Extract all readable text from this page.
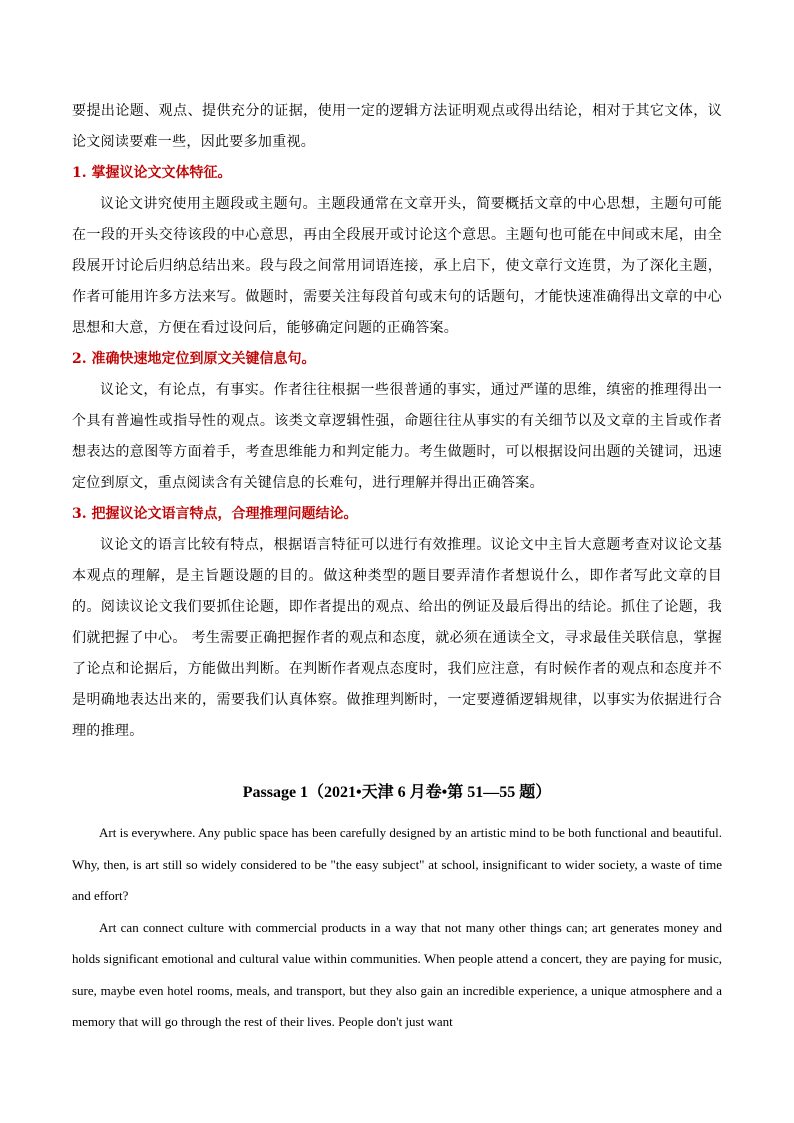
要提出论题、观点、提供充分的证据，使用一定的逻辑方法证明观点或得出结论，相对于其它文体，议论文阅读要难一些，因此要多加重视。

1. 掌握议论文文体特征。

议论文讲究使用主题段或主题句。主题段通常在文章开头，简要概括文章的中心思想，主题句可能在一段的开头交待该段的中心意思，再由全段展开或讨论这个意思。主题句也可能在中间或末尾，由全段展开讨论后归纳总结出来。段与段之间常用词语连接，承上启下，使文章行文连贯，为了深化主题，作者可能用许多方法来写。做题时，需要关注每段首句或末句的话题句，才能快速准确得出文章的中心思想和大意，方便在看过设问后，能够确定问题的正确答案。

2. 准确快速地定位到原文关键信息句。

议论文，有论点，有事实。作者往往根据一些很普通的事实，通过严谨的思维，缜密的推理得出一个具有普遍性或指导性的观点。该类文章逻辑性强，命题往往从事实的有关细节以及文章的主旨或作者想表达的意图等方面着手，考查思维能力和判定能力。考生做题时，可以根据设问出题的关键词，迅速定位到原文，重点阅读含有关键信息的长难句，进行理解并得出正确答案。

3. 把握议论文语言特点，合理推理问题结论。

议论文的语言比较有特点，根据语言特征可以进行有效推理。议论文中主旨大意题考查对议论文基本观点的理解，是主旨题设题的目的。做这种类型的题目要弄清作者想说什么，即作者写此文章的目的。阅读议论文我们要抓住论题，即作者提出的观点、给出的例证及最后得出的结论。抓住了论题，我们就把握了中心。 考生需要正确把握作者的观点和态度，就必须在通读全文，寻求最佳关联信息，掌握了论点和论据后，方能做出判断。在判断作者观点态度时，我们应注意，有时候作者的观点和态度并不是明确地表达出来的，需要我们认真体察。做推理判断时，一定要遵循逻辑规律，以事实为依据进行合理的推理。

Passage 1（2021•天津 6 月卷•第 51—55 题）

Art is everywhere. Any public space has been carefully designed by an artistic mind to be both functional and beautiful. Why, then, is art still so widely considered to be "the easy subject" at school, insignificant to wider society, a waste of time and effort?

Art can connect culture with commercial products in a way that not many other things can; art generates money and holds significant emotional and cultural value within communities. When people attend a concert, they are paying for music, sure, maybe even hotel rooms, meals, and transport, but they also gain an incredible experience, a unique atmosphere and a memory that will go through the rest of their lives. People don't just want
